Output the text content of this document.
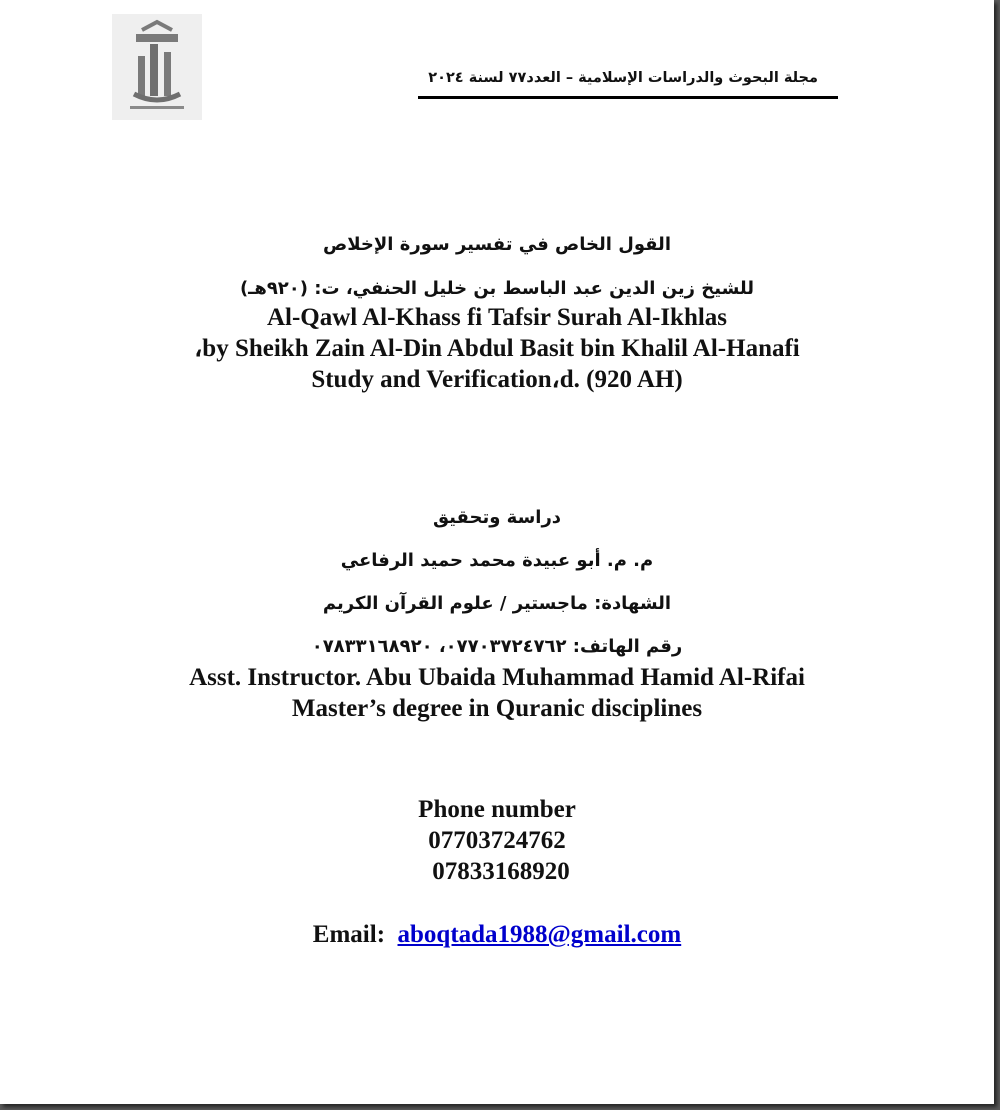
مجلة البحوث والدراسات الإسلامية – العدد٧٧ لسنة ٢٠٢٤
القول الخاص في تفسير سورة الإخلاص
للشيخ زين الدين عبد الباسط بن خليل الحنفي، ت: (٩٢٠هـ)
Al-Qawl Al-Khass fi Tafsir Surah Al-Ikhlas
،by Sheikh Zain Al-Din Abdul Basit bin Khalil Al-Hanafi
Study and Verification،d. (920 AH)
دراسة وتحقيق
م. م. أبو عبيدة محمد حميد الرفاعي
الشهادة: ماجستير / علوم القرآن الكريم
رقم الهاتف: ٠٧٧٠٣٧٢٤٧٦٢، ٠٧٨٣٣١٦٨٩٢٠
Asst. Instructor. Abu Ubaida Muhammad Hamid Al-Rifai
Master’s degree in Quranic disciplines
Phone number
07703724762
07833168920
Email: aboqtada1988@gmail.com
